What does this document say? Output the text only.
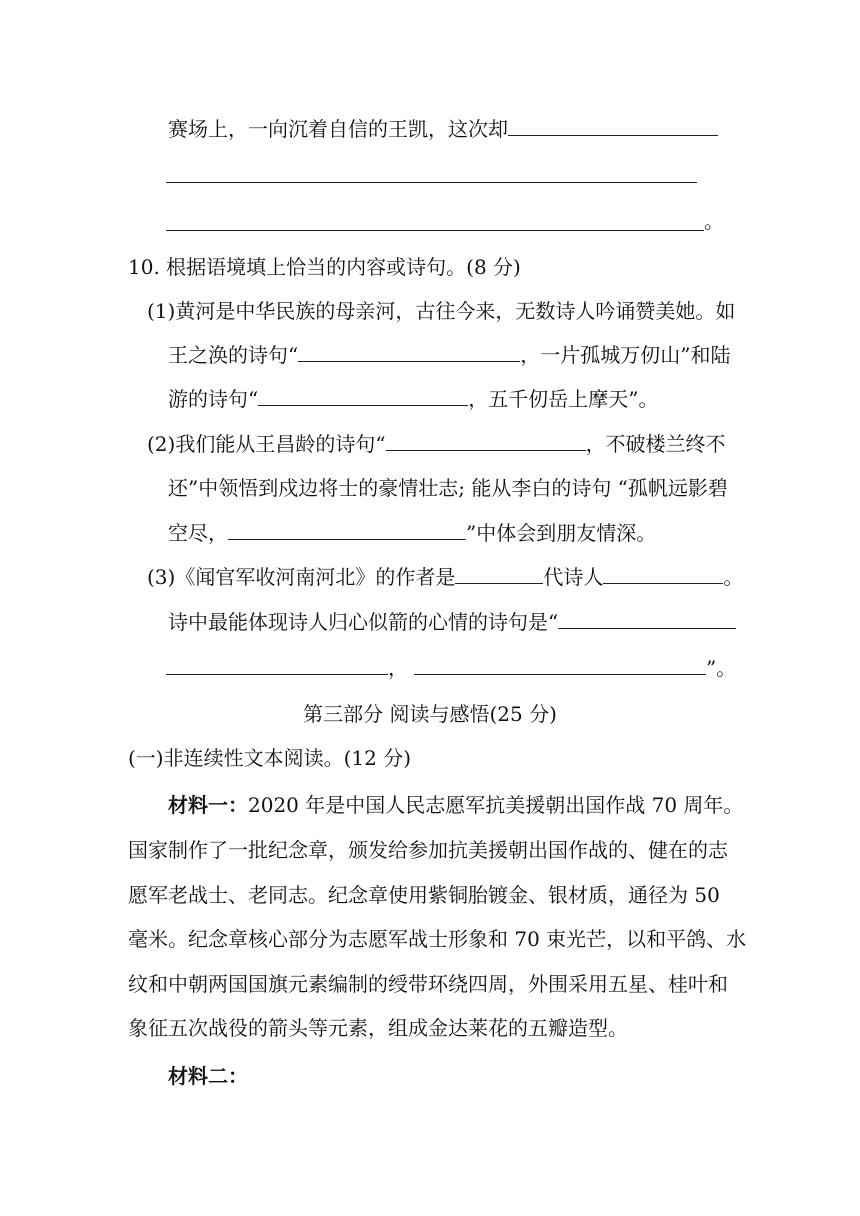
赛场上，一向沉着自信的王凯，这次却
。
10. 根据语境填上恰当的内容或诗句。(8 分)
(1)黄河是中华民族的母亲河，古往今来，无数诗人吟诵赞美她。如
王之涣的诗句“	，一片孤城万仞山”和陆
游的诗句“	，五千仞岳上摩天”。
(2)我们能从王昌龄的诗句“	，不破楼兰终不
还”中领悟到戍边将士的豪情壮志; 能从李白的诗句 “孤帆远影碧
空尽，	”中体会到朋友情深。
(3)《闻官军收河南河北》的作者是	代诗人	。
诗中最能体现诗人归心似箭的心情的诗句是“
，	”。
第三部分 阅读与感悟(25 分)
(一)非连续性文本阅读。(12 分)
材料一：2020 年是中国人民志愿军抗美援朝出国作战 70 周年。
国家制作了一批纪念章，颁发给参加抗美援朝出国作战的、健在的志
愿军老战士、老同志。纪念章使用紫铜胎镀金、银材质，通径为 50
毫米。纪念章核心部分为志愿军战士形象和 70 束光芒，以和平鸽、水
纹和中朝两国国旗元素编制的绶带环绕四周，外围采用五星、桂叶和
象征五次战役的箭头等元素，组成金达莱花的五瓣造型。
材料二：
